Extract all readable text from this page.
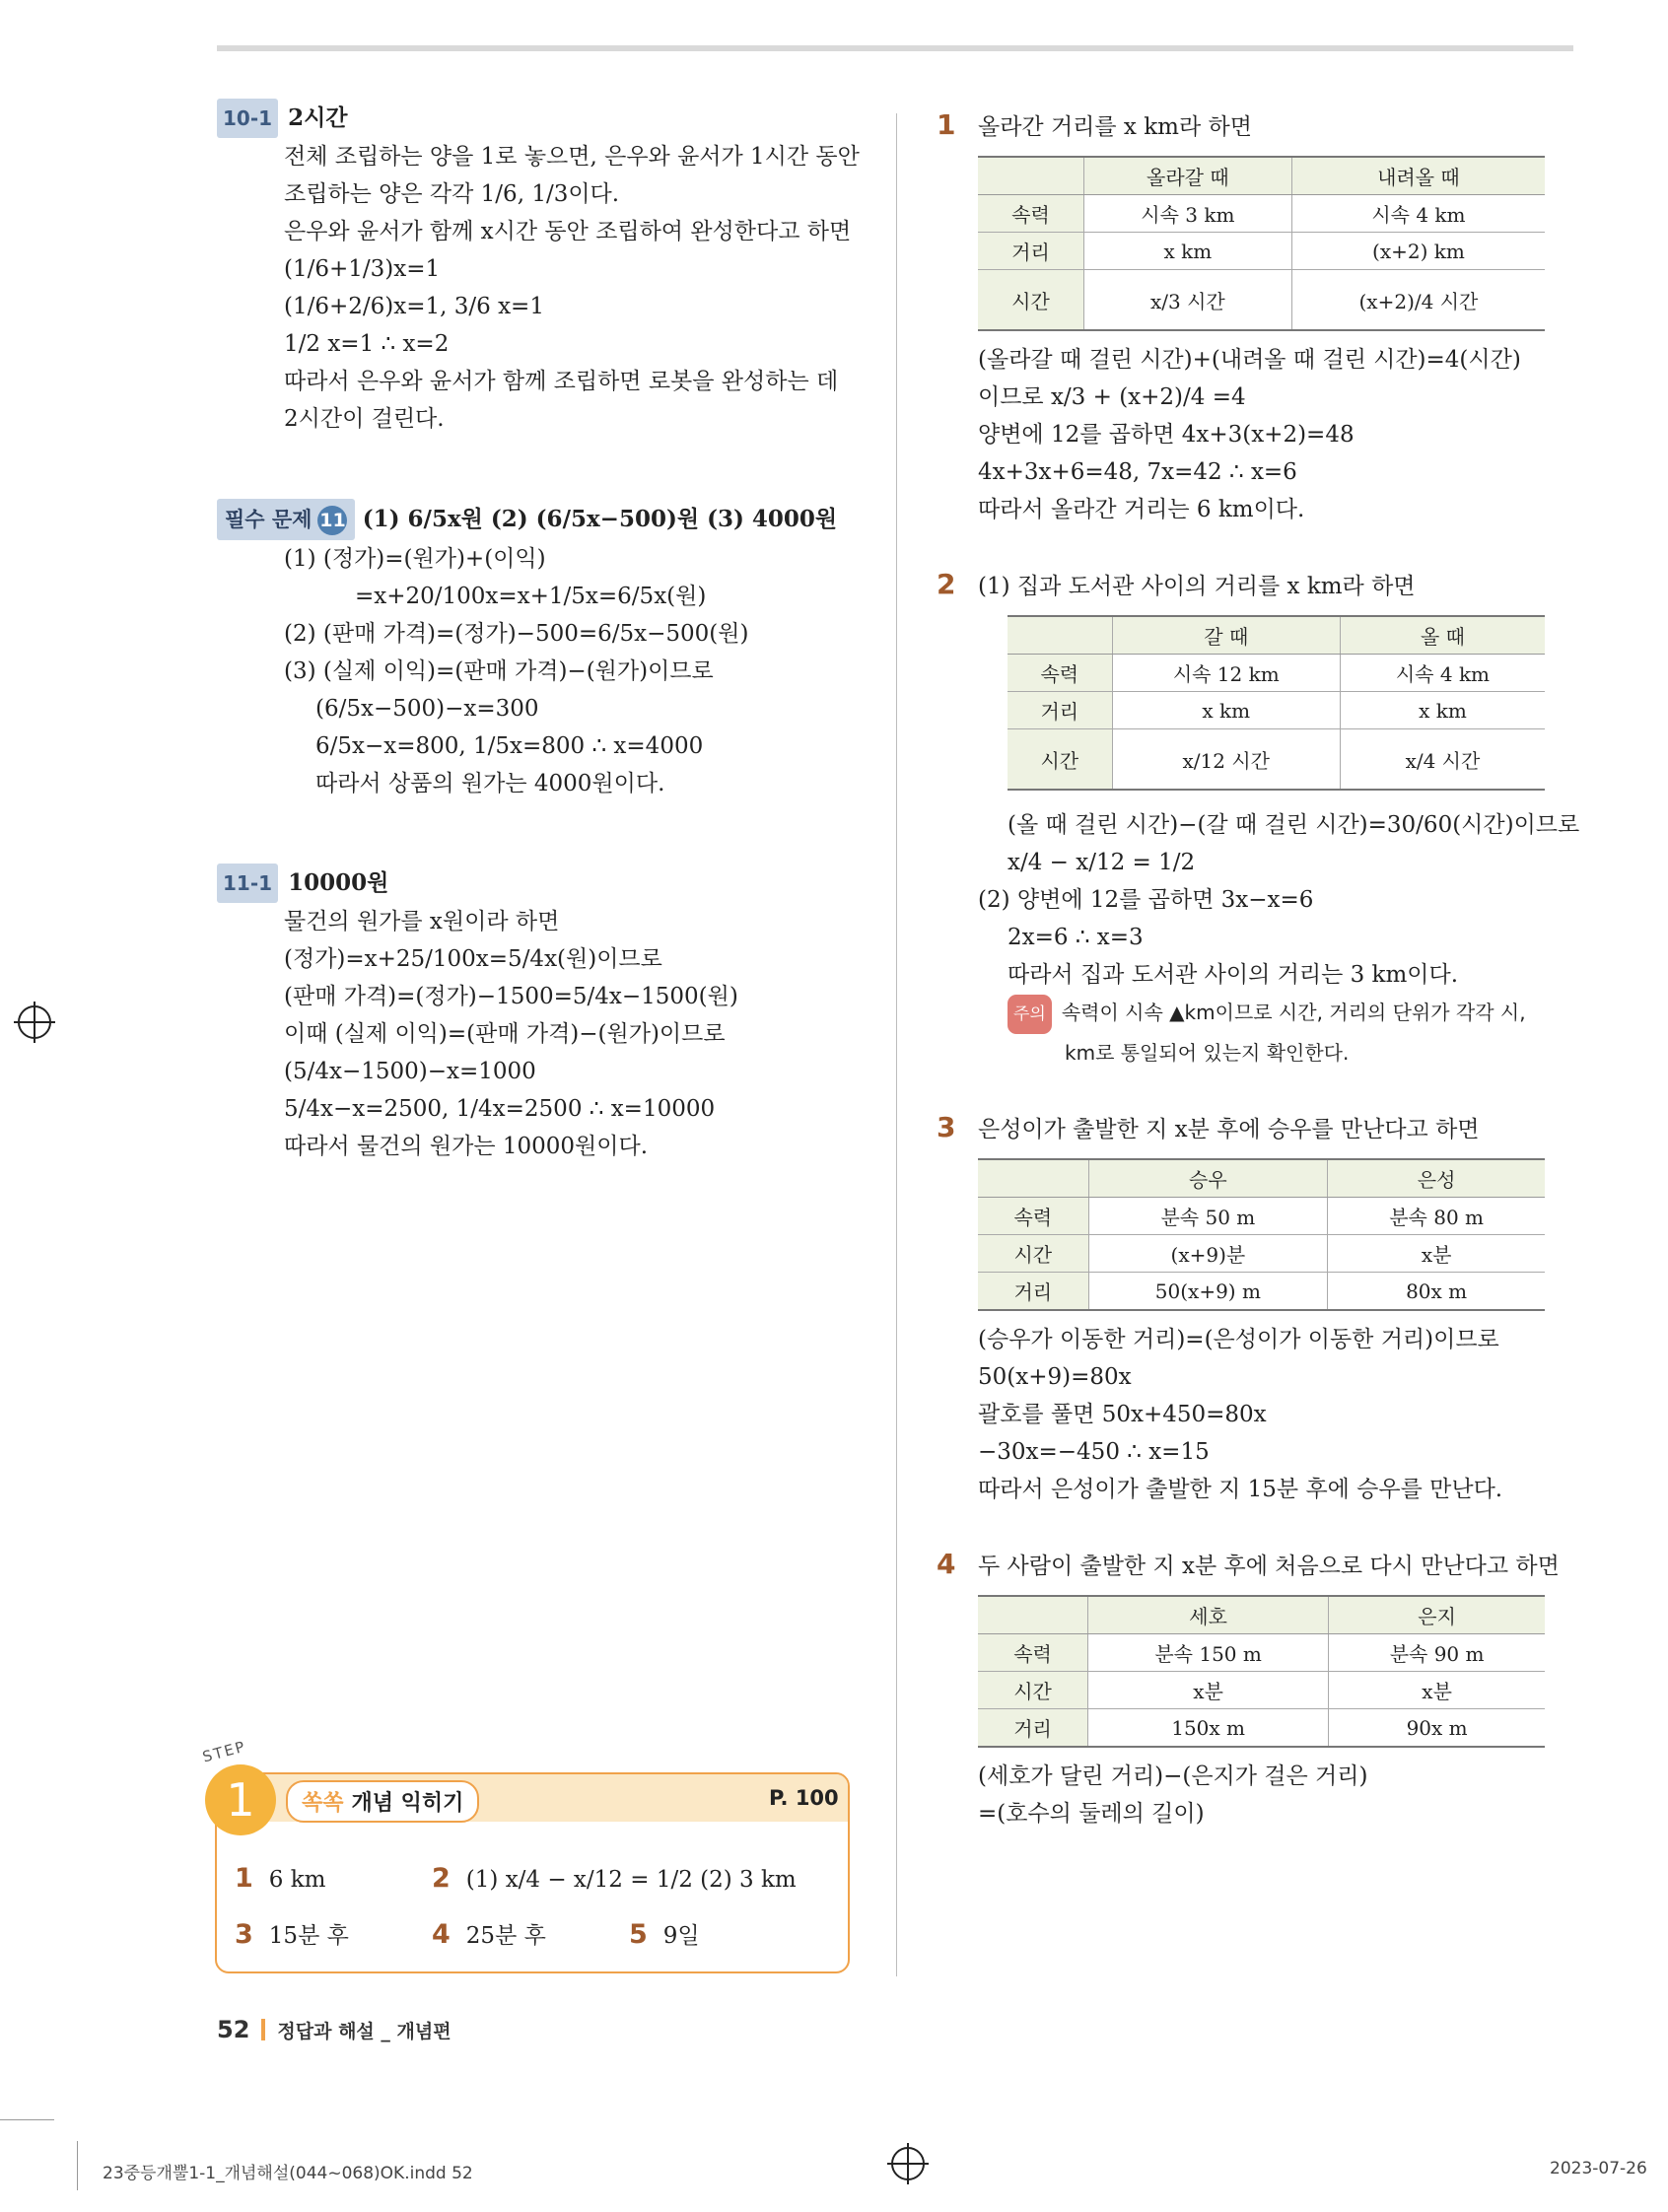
10-1 2시간

전체 조립하는 양을 1로 놓으면, 은우와 윤서가 1시간 동안

조립하는 양은 각각 1/6, 1/3이다.

은우와 윤서가 함께 x시간 동안 조립하여 완성한다고 하면

(1/6+1/3)x=1

(1/6+2/6)x=1, 3/6 x=1

1/2 x=1 ∴ x=2

따라서 은우와 윤서가 함께 조립하면 로봇을 완성하는 데

2시간이 걸린다.

필수 문제 11 (1) 6/5x원 (2) (6/5x−500)원 (3) 4000원

(1) (정가)=(원가)+(이익)

=x+20/100x=x+1/5x=6/5x(원)

(2) (판매 가격)=(정가)−500=6/5x−500(원)

(3) (실제 이익)=(판매 가격)−(원가)이므로

(6/5x−500)−x=300

6/5x−x=800, 1/5x=800 ∴ x=4000

따라서 상품의 원가는 4000원이다.

11-1 10000원

물건의 원가를 x원이라 하면

(정가)=x+25/100x=5/4x(원)이므로

(판매 가격)=(정가)−1500=5/4x−1500(원)

이때 (실제 이익)=(판매 가격)−(원가)이므로

(5/4x−1500)−x=1000

5/4x−x=2500, 1/4x=2500 ∴ x=10000

따라서 물건의 원가는 10000원이다.

STEP
1	쏙쏙 개념 익히기	P. 100
1 6 km	2 (1) x/4 − x/12 = 1/2 (2) 3 km
3 15분 후	4 25분 후	5 9일
1 올라간 거리를 x km라 하면

	올라갈 때	내려올 때
속력	시속 3 km	시속 4 km
거리	x km	(x+2) km
시간	x/3 시간	(x+2)/4 시간

(올라갈 때 걸린 시간)+(내려올 때 걸린 시간)=4(시간)

이므로 x/3 + (x+2)/4 =4

양변에 12를 곱하면 4x+3(x+2)=48

4x+3x+6=48, 7x=42 ∴ x=6

따라서 올라간 거리는 6 km이다.

2 (1) 집과 도서관 사이의 거리를 x km라 하면

	갈 때	올 때
속력	시속 12 km	시속 4 km
거리	x km	x km
시간	x/12 시간	x/4 시간

(올 때 걸린 시간)−(갈 때 걸린 시간)=30/60(시간)이므로

x/4 − x/12 = 1/2

(2) 양변에 12를 곱하면 3x−x=6

2x=6 ∴ x=3

따라서 집과 도서관 사이의 거리는 3 km이다.

주의 속력이 시속 ▲km이므로 시간, 거리의 단위가 각각 시,

km로 통일되어 있는지 확인한다.

3 은성이가 출발한 지 x분 후에 승우를 만난다고 하면

	승우	은성
속력	분속 50 m	분속 80 m
시간	(x+9)분	x분
거리	50(x+9) m	80x m

(승우가 이동한 거리)=(은성이가 이동한 거리)이므로

50(x+9)=80x

괄호를 풀면 50x+450=80x

−30x=−450 ∴ x=15

따라서 은성이가 출발한 지 15분 후에 승우를 만난다.

4 두 사람이 출발한 지 x분 후에 처음으로 다시 만난다고 하면

	세호	은지
속력	분속 150 m	분속 90 m
시간	x분	x분
거리	150x m	90x m

(세호가 달린 거리)−(은지가 걸은 거리)

=(호수의 둘레의 길이)

52 정답과 해설 _ 개념편
23중등개뿔1-1_개념해설(044~068)OK.indd 52	2023-07-26
